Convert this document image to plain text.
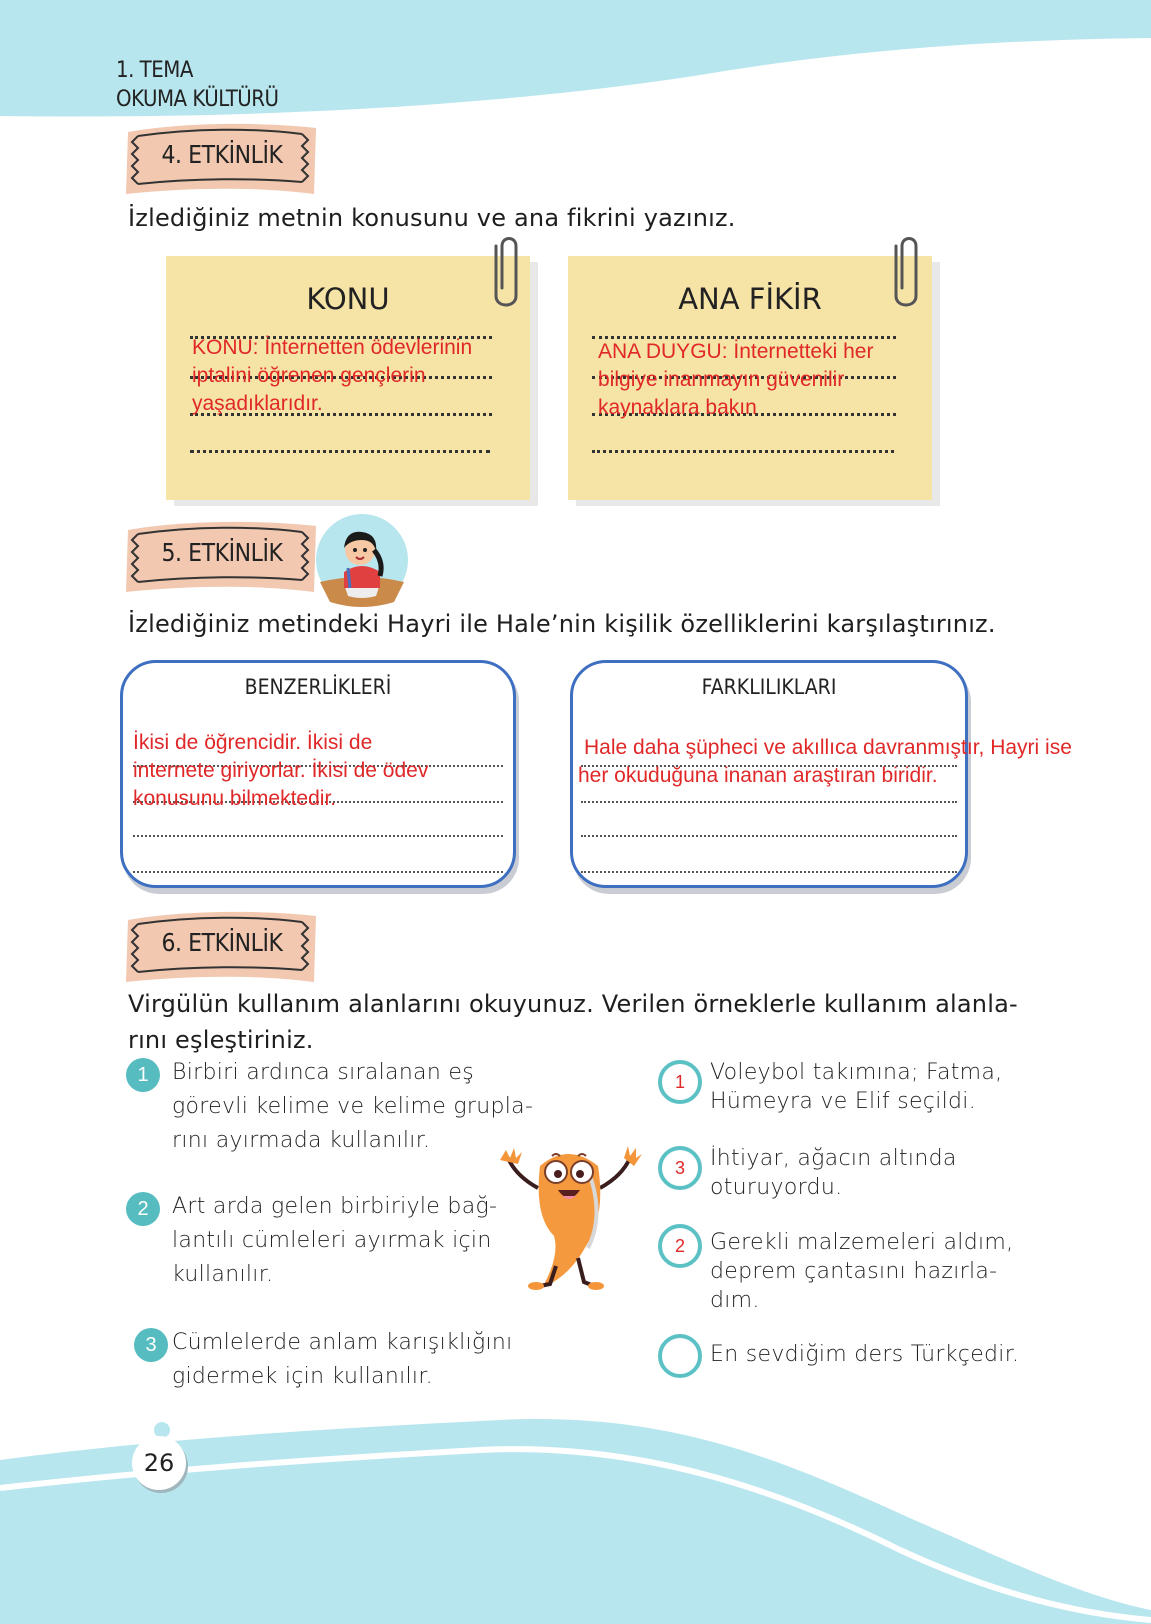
1. TEMA
OKUMA KÜLTÜRÜ
4. ETKİNLİK
İzlediğiniz metnin konusunu ve ana fikrini yazınız.
KONU
KONU: İnternetten ödevlerinin
iptalini öğrenen gençlerin
yaşadıklarıdır.
ANA FİKİR
ANA DUYGU: İnternetteki her
bilgiye inanmayın güvenilir
kaynaklara bakın
5. ETKİNLİK
İzlediğiniz metindeki Hayri ile Hale’nin kişilik özelliklerini karşılaştırınız.
BENZERLİKLERİ
İkisi de öğrencidir. İkisi de
internete giriyorlar. İkisi de ödev
konusunu bilmektedir.
FARKLILIKLARI
Hale daha şüpheci ve akıllıca davranmıştır, Hayri ise
her okuduğuna inanan araştıran biridir.
6. ETKİNLİK
Virgülün kullanım alanlarını okuyunuz. Verilen örneklerle kullanım alanla-
rını eşleştiriniz.
1	Birbiri ardınca sıralanan eş
görevli kelime ve kelime grupla-
rını ayırmada kullanılır.
2	Art arda gelen birbiriyle bağ-
lantılı cümleleri ayırmak için
kullanılır.
3 Cümlelerde anlam karışıklığını
gidermek için kullanılır.
1	Voleybol takımına; Fatma,
Hümeyra ve Elif seçildi.
3	İhtiyar, ağacın altında
oturuyordu.
2	Gerekli malzemeleri aldım,
deprem çantasını hazırla-
dım.
En sevdiğim ders Türkçedir.
26
